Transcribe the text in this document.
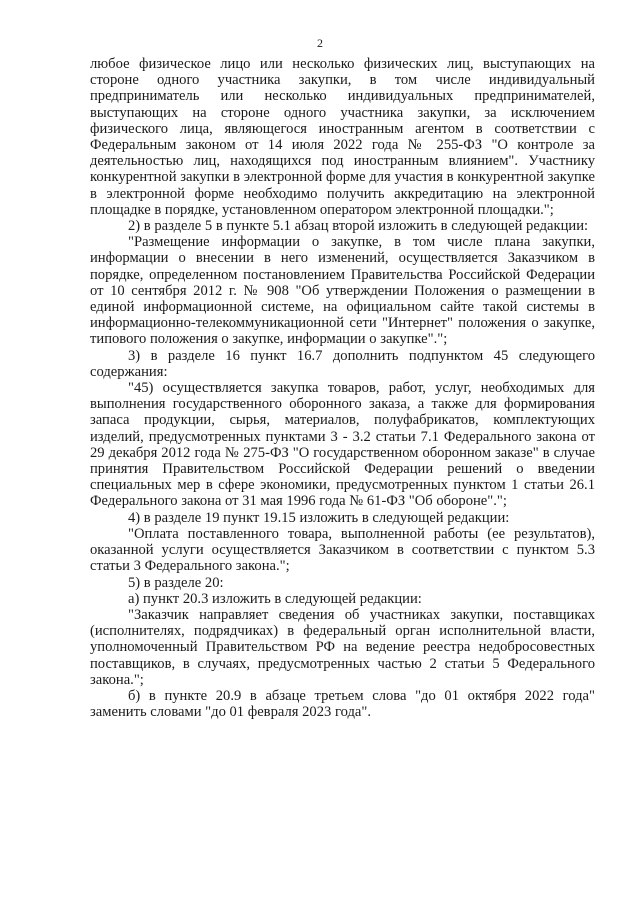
2

любое физическое лицо или несколько физических лиц, выступающих на стороне одного участника закупки, в том числе индивидуальный предприниматель или несколько индивидуальных предпринимателей, выступающих на стороне одного участника закупки, за исключением физического лица, являющегося иностранным агентом в соответствии с Федеральным законом от 14 июля 2022 года № 255-ФЗ "О контроле за деятельностью лиц, находящихся под иностранным влиянием". Участнику конкурентной закупки в электронной форме для участия в конкурентной закупке в электронной форме необходимо получить аккредитацию на электронной площадке в порядке, установленном оператором электронной площадки.";

2) в разделе 5 в пункте 5.1 абзац второй изложить в следующей редакции:

"Размещение информации о закупке, в том числе плана закупки, информации о внесении в него изменений, осуществляется Заказчиком в порядке, определенном постановлением Правительства Российской Федерации от 10 сентября 2012 г. № 908 "Об утверждении Положения о размещении в единой информационной системе, на официальном сайте такой системы в информационно-телекоммуникационной сети "Интернет" положения о закупке, типового положения о закупке, информации о закупке".";

3) в разделе 16 пункт 16.7 дополнить подпунктом 45 следующего содержания:

"45) осуществляется закупка товаров, работ, услуг, необходимых для выполнения государственного оборонного заказа, а также для формирования запаса продукции, сырья, материалов, полуфабрикатов, комплектующих изделий, предусмотренных пунктами 3 - 3.2 статьи 7.1 Федерального закона от 29 декабря 2012 года № 275-ФЗ "О государственном оборонном заказе" в случае принятия Правительством Российской Федерации решений о введении специальных мер в сфере экономики, предусмотренных пунктом 1 статьи 26.1 Федерального закона от 31 мая 1996 года № 61-ФЗ "Об обороне".";

4) в разделе 19 пункт 19.15 изложить в следующей редакции:

"Оплата поставленного товара, выполненной работы (ее результатов), оказанной услуги осуществляется Заказчиком в соответствии с пунктом 5.3 статьи 3 Федерального закона.";

5) в разделе 20:

а) пункт 20.3 изложить в следующей редакции:

"Заказчик направляет сведения об участниках закупки, поставщиках (исполнителях, подрядчиках) в федеральный орган исполнительной власти, уполномоченный Правительством РФ на ведение реестра недобросовестных поставщиков, в случаях, предусмотренных частью 2 статьи 5 Федерального закона.";

б) в пункте 20.9 в абзаце третьем слова "до 01 октября 2022 года" заменить словами "до 01 февраля 2023 года".
